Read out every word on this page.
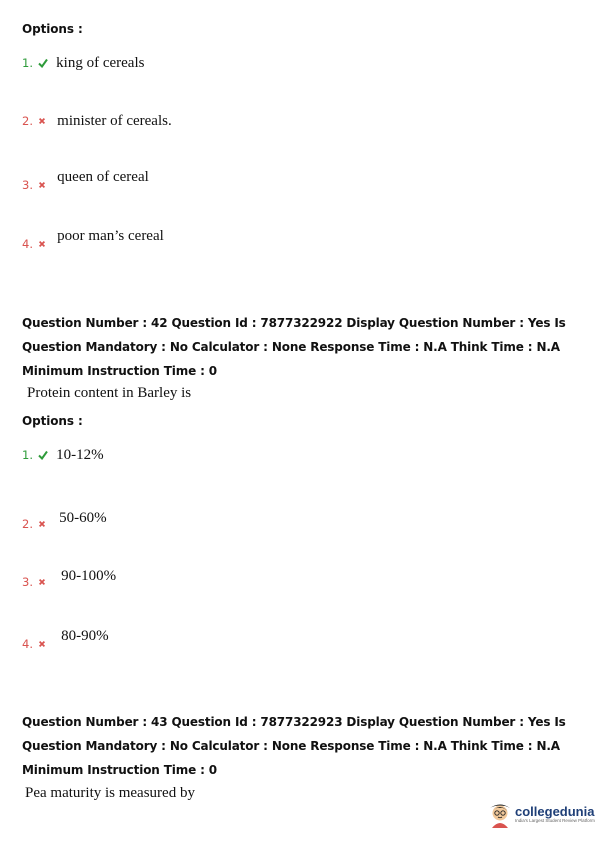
Options :
1. king of cereals
2. minister of cereals.
$_{3.}$ queen of cereal
$_{4.}$ poor man’s cereal
Question Number : 42 Question Id : 7877322922 Display Question Number : Yes Is Question Mandatory : No Calculator : None Response Time : N.A Think Time : N.A Minimum Instruction Time : 0
Protein content in Barley is
Options :
1. 10-12%
$_{2.}$ 50-60%
$_{3.}$ 90-100%
$_{4.}$ 80-90%
Question Number : 43 Question Id : 7877322923 Display Question Number : Yes Is Question Mandatory : No Calculator : None Response Time : N.A Think Time : N.A Minimum Instruction Time : 0
Pea maturity is measured by
collegedunia
India's Largest Student Review Platform
